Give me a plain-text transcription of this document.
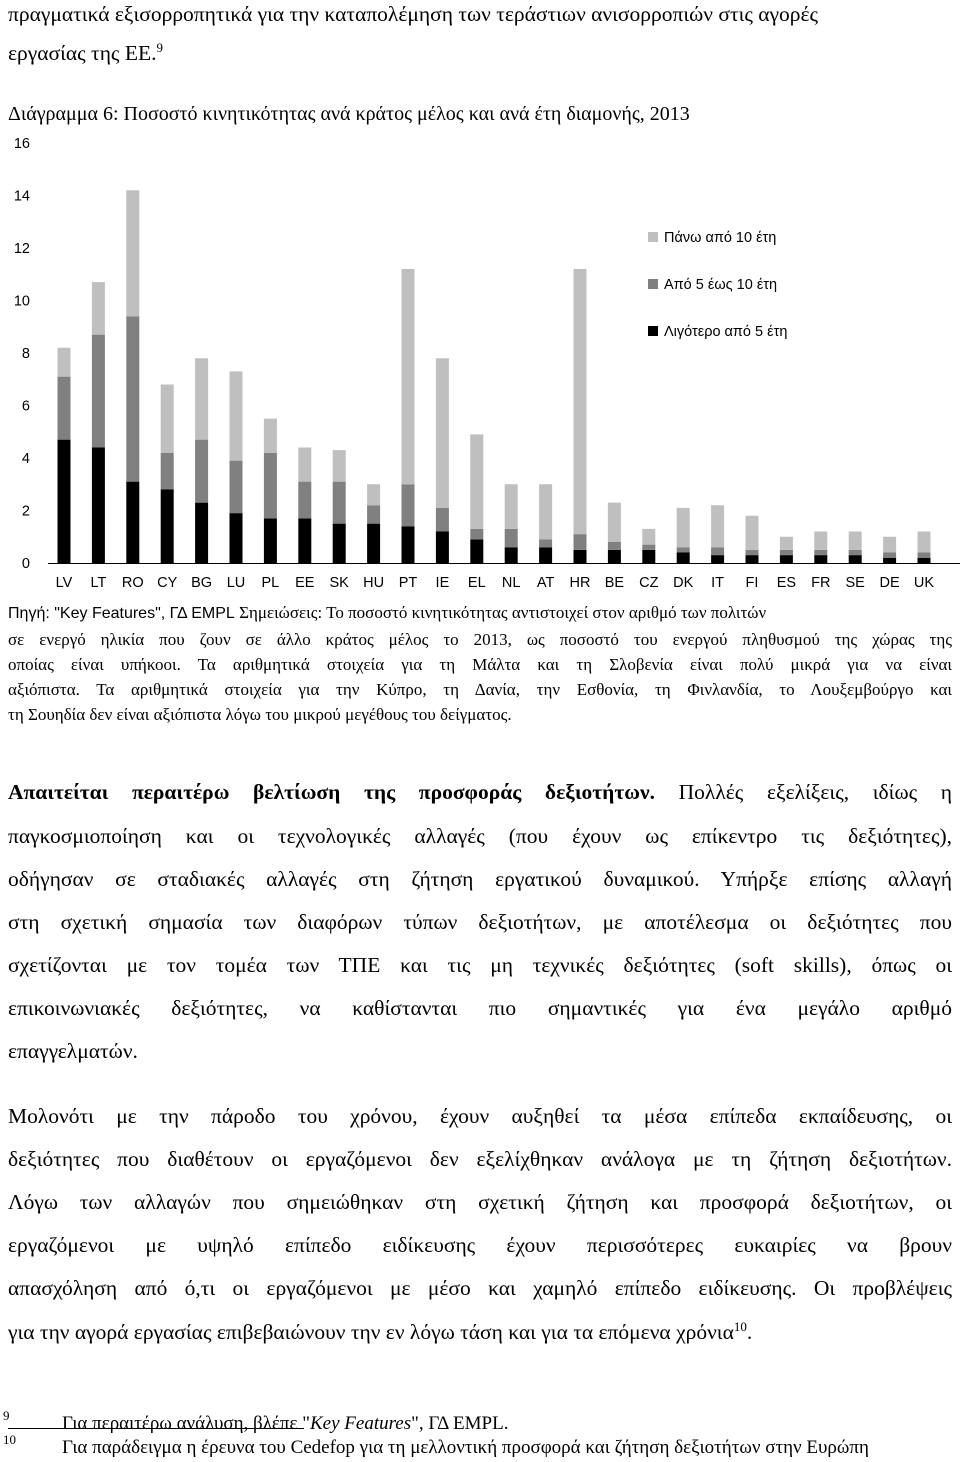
πραγματικά εξισορροπητικά για την καταπολέμηση των τεράστιων ανισορροπιών στις αγορές
εργασίας της ΕΕ.$^9$
Διάγραμμα 6: Ποσοστό κινητικότητας ανά κράτος μέλος και ανά έτη διαμονής, 2013
0
2
4
6
8
10
12
14
16
LV LT RO CY BG LU PL EE SK HU PT IE EL NL AT HR BE CZ DK IT FI ES FR SE DE UK
Πάνω από 10 έτη
Από 5 έως 10 έτη
Λιγότερο από 5 έτη
Πηγή: "Key Features", ΓΔ EMPL Σημειώσεις: Το ποσοστό κινητικότητας αντιστοιχεί στον αριθμό των πολιτών
σε ενεργό ηλικία που ζουν σε άλλο κράτος μέλος το 2013, ως ποσοστό του ενεργού πληθυσμού της χώρας της
οποίας είναι υπήκοοι. Τα αριθμητικά στοιχεία για τη Μάλτα και τη Σλοβενία είναι πολύ μικρά για να είναι
αξιόπιστα. Τα αριθμητικά στοιχεία για την Κύπρο, τη Δανία, την Εσθονία, τη Φινλανδία, το Λουξεμβούργο και
τη Σουηδία δεν είναι αξιόπιστα λόγω του μικρού μεγέθους του δείγματος.
Απαιτείται περαιτέρω βελτίωση της προσφοράς δεξιοτήτων. Πολλές εξελίξεις, ιδίως η
παγκοσμιοποίηση και οι τεχνολογικές αλλαγές (που έχουν ως επίκεντρο τις δεξιότητες),
οδήγησαν σε σταδιακές αλλαγές στη ζήτηση εργατικού δυναμικού. Υπήρξε επίσης αλλαγή
στη σχετική σημασία των διαφόρων τύπων δεξιοτήτων, με αποτέλεσμα οι δεξιότητες που
σχετίζονται με τον τομέα των ΤΠΕ και τις μη τεχνικές δεξιότητες (soft skills), όπως οι
επικοινωνιακές δεξιότητες, να καθίστανται πιο σημαντικές για ένα μεγάλο αριθμό
επαγγελματών.
Μολονότι με την πάροδο του χρόνου, έχουν αυξηθεί τα μέσα επίπεδα εκπαίδευσης, οι
δεξιότητες που διαθέτουν οι εργαζόμενοι δεν εξελίχθηκαν ανάλογα με τη ζήτηση δεξιοτήτων.
Λόγω των αλλαγών που σημειώθηκαν στη σχετική ζήτηση και προσφορά δεξιοτήτων, οι
εργαζόμενοι με υψηλό επίπεδο ειδίκευσης έχουν περισσότερες ευκαιρίες να βρουν
απασχόληση από ό,τι οι εργαζόμενοι με μέσο και χαμηλό επίπεδο ειδίκευσης. Οι προβλέψεις
για την αγορά εργασίας επιβεβαιώνουν την εν λόγω τάση και για τα επόμενα χρόνια$^{10}$.
9	Για περαιτέρω ανάλυση, βλέπε "Key Features", ΓΔ EMPL.
10 Για παράδειγμα η έρευνα του Cedefop για τη μελλοντική προσφορά και ζήτηση δεξιοτήτων στην Ευρώπη
